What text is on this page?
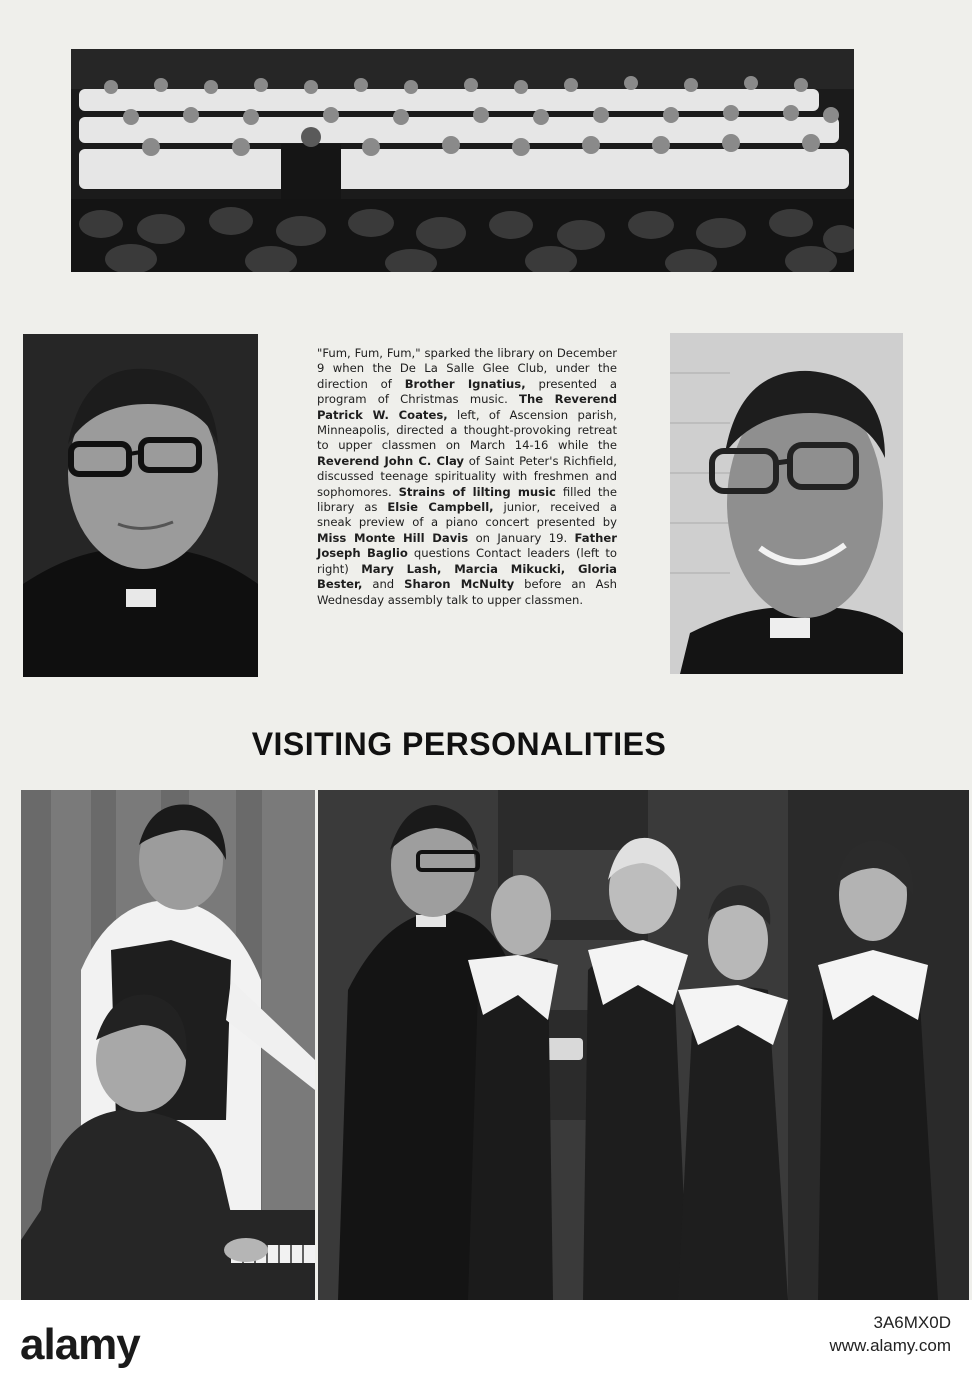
"Fum, Fum, Fum," sparked the library on December 9 when the De La Salle Glee Club, under the direction of Brother Ignatius, presented a program of Christmas music. The Reverend Patrick W. Coates, left, of Ascension parish, Minneapolis, directed a thought-provoking retreat to upper classmen on March 14-16 while the Reverend John C. Clay of Saint Peter's Richfield, discussed teenage spirituality with freshmen and sophomores. Strains of lilting music filled the library as Elsie Campbell, junior, received a sneak preview of a piano concert presented by Miss Monte Hill Davis on January 19. Father Joseph Baglio questions Contact leaders (left to right) Mary Lash, Marcia Mikucki, Gloria Bester, and Sharon McNulty before an Ash Wednesday assembly talk to upper classmen.
VISITING PERSONALITIES
alamy	3A6MX0D
www.alamy.com
